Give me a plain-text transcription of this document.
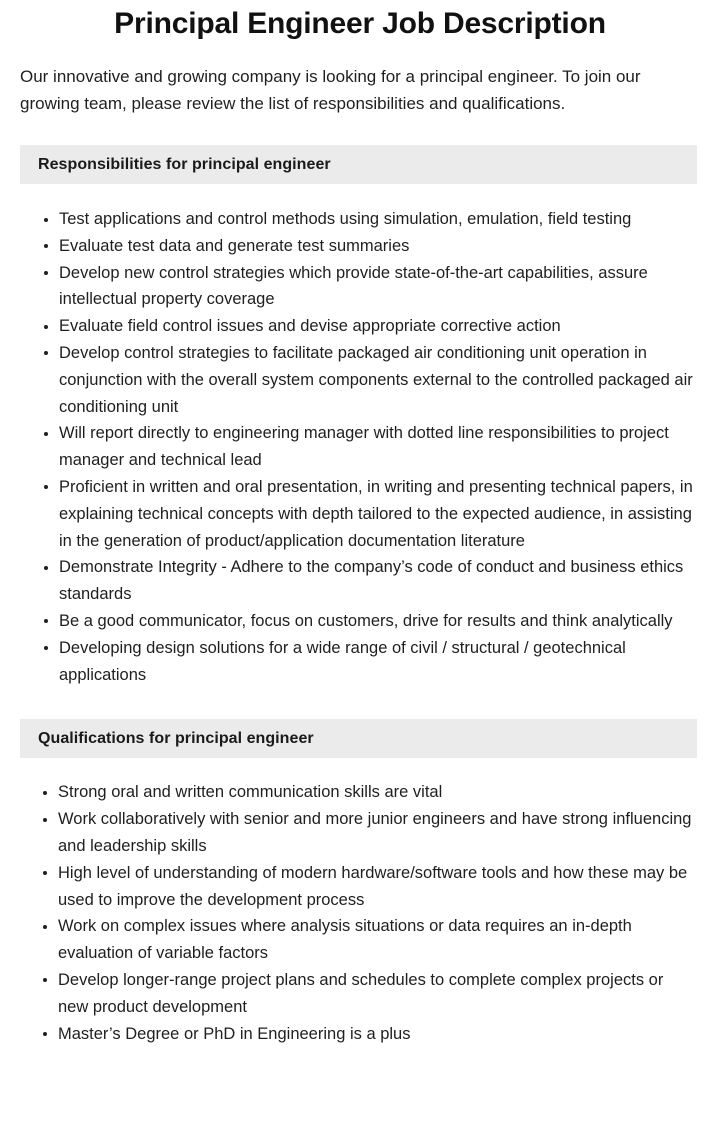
Principal Engineer Job Description

Our innovative and growing company is looking for a principal engineer. To join our growing team, please review the list of responsibilities and qualifications.

Responsibilities for principal engineer
Test applications and control methods using simulation, emulation, field testing
Evaluate test data and generate test summaries
Develop new control strategies which provide state-of-the-art capabilities, assure intellectual property coverage
Evaluate field control issues and devise appropriate corrective action
Develop control strategies to facilitate packaged air conditioning unit operation in conjunction with the overall system components external to the controlled packaged air conditioning unit
Will report directly to engineering manager with dotted line responsibilities to project manager and technical lead
Proficient in written and oral presentation, in writing and presenting technical papers, in explaining technical concepts with depth tailored to the expected audience, in assisting in the generation of product/application documentation literature
Demonstrate Integrity - Adhere to the company’s code of conduct and business ethics standards
Be a good communicator, focus on customers, drive for results and think analytically
Developing design solutions for a wide range of civil / structural / geotechnical applications
Qualifications for principal engineer
Strong oral and written communication skills are vital
Work collaboratively with senior and more junior engineers and have strong influencing and leadership skills
High level of understanding of modern hardware/software tools and how these may be used to improve the development process
Work on complex issues where analysis situations or data requires an in-depth evaluation of variable factors
Develop longer-range project plans and schedules to complete complex projects or new product development
Master’s Degree or PhD in Engineering is a plus
